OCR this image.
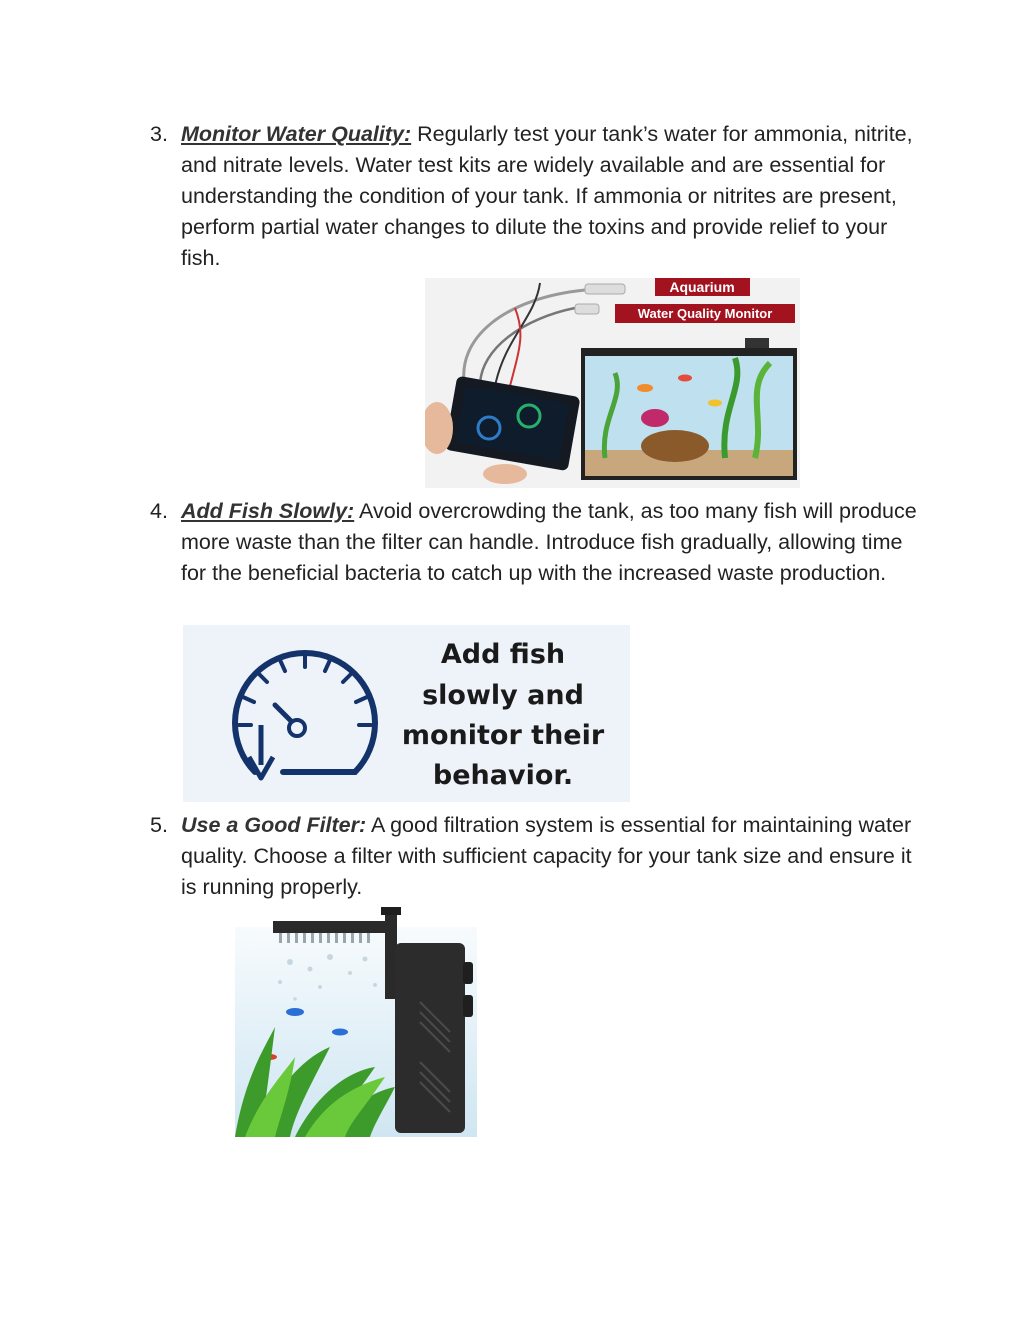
3. Monitor Water Quality: Regularly test your tank’s water for ammonia, nitrite, and nitrate levels. Water test kits are widely available and are essential for understanding the condition of your tank. If ammonia or nitrites are present, perform partial water changes to dilute the toxins and provide relief to your fish.
Aquarium
Water Quality Monitor
4. Add Fish Slowly: Avoid overcrowding the tank, as too many fish will produce more waste than the filter can handle. Introduce fish gradually, allowing time for the beneficial bacteria to catch up with the increased waste production.
Add fish
slowly and
monitor their
behavior.
5. Use a Good Filter: A good filtration system is essential for maintaining water quality. Choose a filter with sufficient capacity for your tank size and ensure it is running properly.
